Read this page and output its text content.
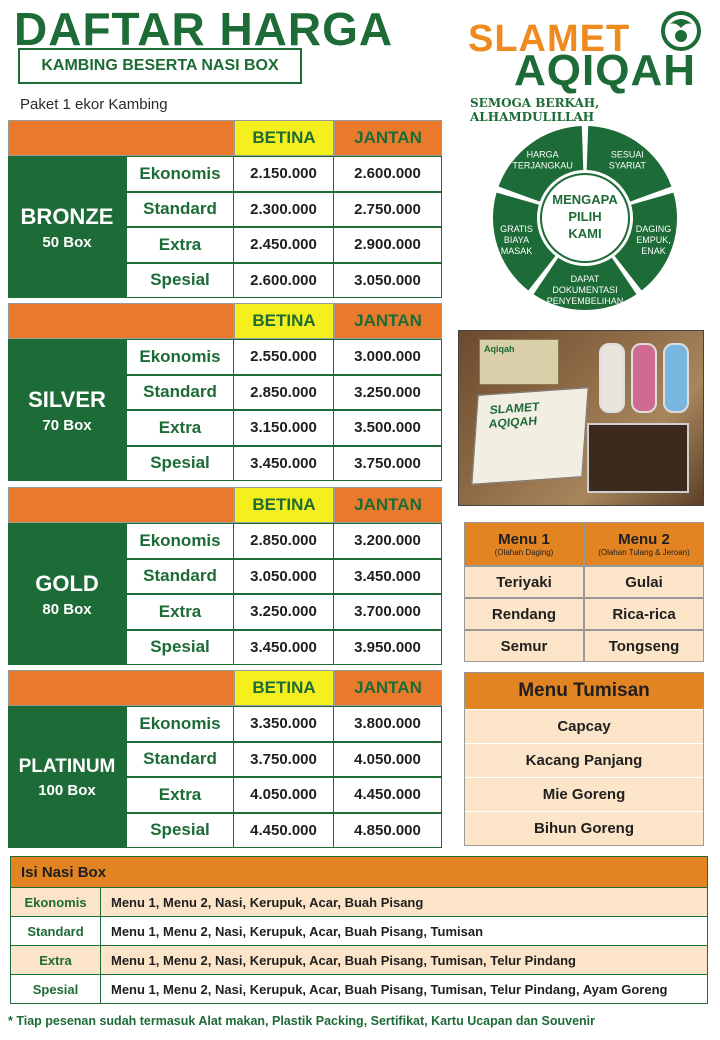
DAFTAR HARGA
KAMBING BESERTA NASI BOX
Paket 1 ekor Kambing
SLAMET
AQIQAH
SEMOGA BERKAH, ALHAMDULILLAH
BETINA	JANTAN
BRONZE
50 Box
Ekonomis	2.150.000	2.600.000
Standard	2.300.000	2.750.000
Extra	2.450.000	2.900.000
Spesial	2.600.000	3.050.000
BETINA	JANTAN
SILVER
70 Box
Ekonomis	2.550.000	3.000.000
Standard	2.850.000	3.250.000
Extra	3.150.000	3.500.000
Spesial	3.450.000	3.750.000
BETINA	JANTAN
GOLD
80 Box
Ekonomis	2.850.000	3.200.000
Standard	3.050.000	3.450.000
Extra	3.250.000	3.700.000
Spesial	3.450.000	3.950.000
BETINA	JANTAN
PLATINUM
100 Box
Ekonomis	3.350.000	3.800.000
Standard	3.750.000	4.050.000
Extra	4.050.000	4.450.000
Spesial	4.450.000	4.850.000
HARGA TERJANGKAU
SESUAI SYARIAT
DAGING EMPUK, ENAK
DAPAT DOKUMENTASI PENYEMBELIHAN
GRATIS BIAYA MASAK
MENGAPA PILIH KAMI
Aqiqah
SLAMET AQIQAH
Menu 1
(Olahan Daging)
Menu 2
(Olahan Tulang & Jeroan)
Teriyaki	Gulai
Rendang	Rica-rica
Semur	Tongseng
Menu Tumisan
Capcay
Kacang Panjang
Mie Goreng
Bihun Goreng
Isi Nasi Box
Ekonomis	Menu 1, Menu 2, Nasi, Kerupuk, Acar, Buah Pisang
Standard	Menu 1, Menu 2, Nasi, Kerupuk, Acar, Buah Pisang, Tumisan
Extra	Menu 1, Menu 2, Nasi, Kerupuk, Acar, Buah Pisang, Tumisan, Telur Pindang
Spesial	Menu 1, Menu 2, Nasi, Kerupuk, Acar, Buah Pisang, Tumisan, Telur Pindang, Ayam Goreng
* Tiap pesenan sudah termasuk Alat makan, Plastik Packing, Sertifikat, Kartu Ucapan dan Souvenir
